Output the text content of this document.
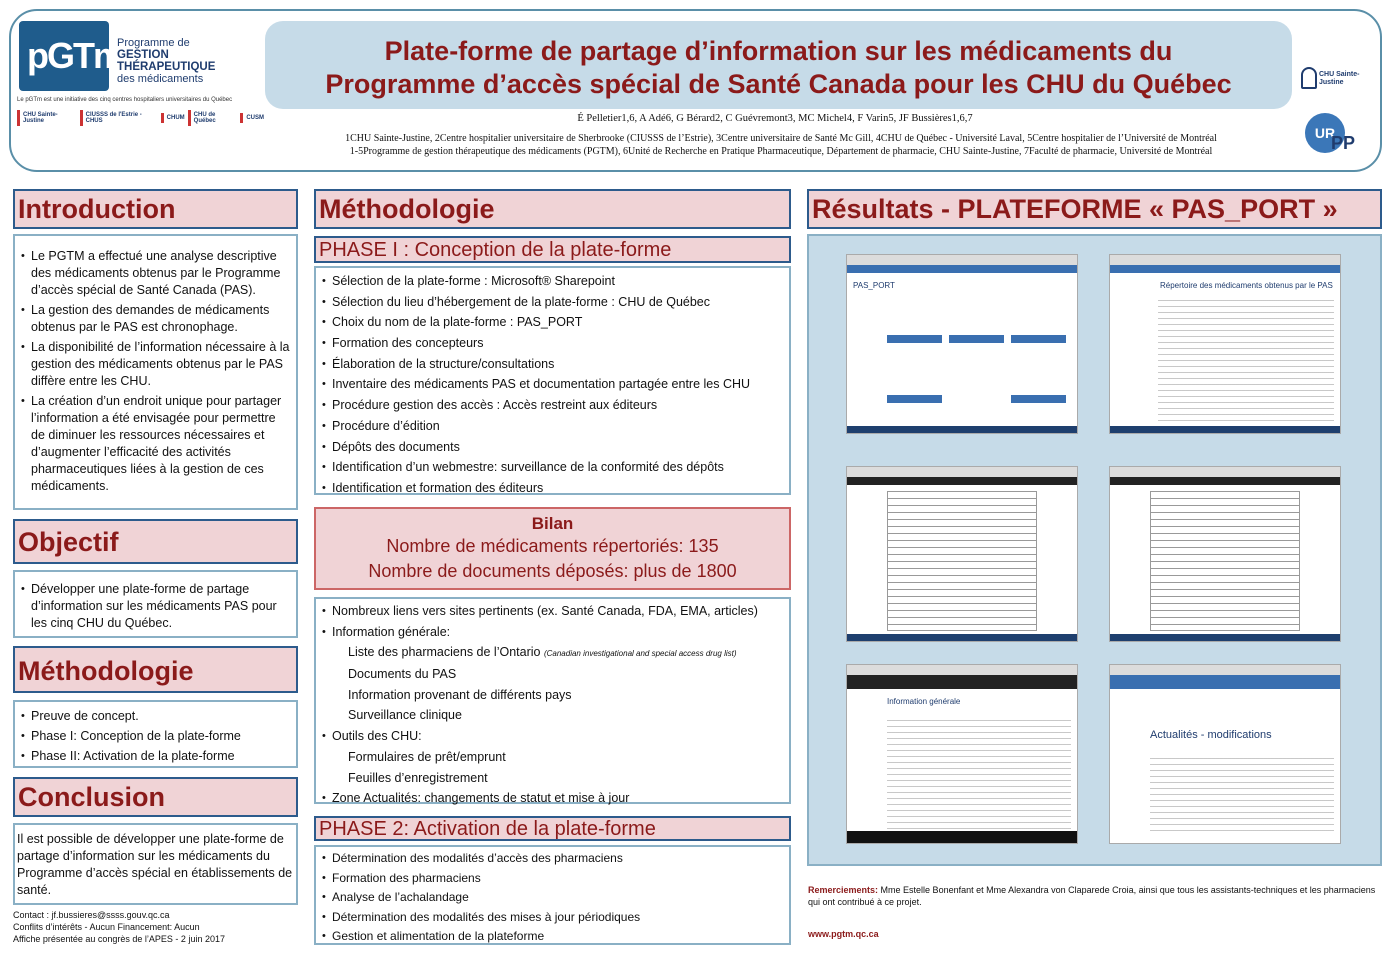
pGTm
Programme de
GESTION THÉRAPEUTIQUE
des médicaments
Le pGTm est une initiative des cinq centres hospitaliers universitaires du Québec
CHU Sainte-Justine
CIUSSS de l'Estrie - CHUS	CHUM	CHU de Québec	CUSM
Plate-forme de partage d’information sur les médicaments du
Programme d’accès spécial de Santé Canada pour les CHU du Québec
É Pelletier1,6, A Adé6, G Bérard2, C Guévremont3, MC Michel4, F Varin5, JF Bussières1,6,7
1CHU Sainte-Justine, 2Centre hospitalier universitaire de Sherbrooke (CIUSSS de l’Estrie), 3Centre universitaire de Santé Mc Gill, 4CHU de Québec - Université Laval, 5Centre hospitalier de l’Université de Montréal
1-5Programme de gestion thérapeutique des médicaments (PGTM), 6Unité de Recherche en Pratique Pharmaceutique, Département de pharmacie, CHU Sainte-Justine, 7Faculté de pharmacie, Université de Montréal
CHU Sainte-Justine
UR
PP
Introduction
• Le PGTM a effectué une analyse descriptive des médicaments obtenus par le Programme d’accès spécial de Santé Canada (PAS).
• La gestion des demandes de médicaments obtenus par le PAS est chronophage.
• La disponibilité de l’information nécessaire à la gestion des médicaments obtenus par le PAS diffère entre les CHU.
• La création d’un endroit unique pour partager l’information a été envisagée pour permettre de diminuer les ressources nécessaires et d’augmenter l’efficacité des activités pharmaceutiques liées à la gestion de ces médicaments.
Objectif
• Développer une plate-forme de partage d’information sur les médicaments PAS pour les cinq CHU du Québec.
Méthodologie
• Preuve de concept.
• Phase I: Conception de la plate-forme
• Phase II: Activation de la plate-forme
Conclusion
Il est possible de développer une plate-forme de partage d’information sur les médicaments du Programme d’accès spécial en établissements de santé.
Contact : jf.bussieres@ssss.gouv.qc.ca
Conflits d’intérêts - Aucun Financement: Aucun
Affiche présentée au congrès de l’APES - 2 juin 2017
Méthodologie
PHASE I : Conception de la plate-forme
• Sélection de la plate-forme : Microsoft® Sharepoint
• Sélection du lieu d’hébergement de la plate-forme : CHU de Québec
• Choix du nom de la plate-forme : PAS_PORT
• Formation des concepteurs
• Élaboration de la structure/consultations
• Inventaire des médicaments PAS et documentation partagée entre les CHU
• Procédure gestion des accès : Accès restreint aux éditeurs
• Procédure d’édition
• Dépôts des documents
• Identification d’un webmestre: surveillance de la conformité des dépôts
• Identification et formation des éditeurs
Bilan
Nombre de médicaments répertoriés: 135
Nombre de documents déposés: plus de 1800
• Nombreux liens vers sites pertinents (ex. Santé Canada, FDA, EMA, articles)
• Information générale:
Liste des pharmaciens de l’Ontario (Canadian investigational and special access drug list)
Documents du PAS
Information provenant de différents pays
Surveillance clinique
• Outils des CHU:
Formulaires de prêt/emprunt
Feuilles d’enregistrement
• Zone Actualités: changements de statut et mise à jour
PHASE 2: Activation de la plate-forme
• Détermination des modalités d’accès des pharmaciens
• Formation des pharmaciens
• Analyse de l’achalandage
• Détermination des modalités des mises à jour périodiques
• Gestion et alimentation de la plateforme
Résultats - PLATEFORME « PAS_PORT »
PAS_PORT	Répertoire des médicaments obtenus par le PAS
Information générale
Actualités - modifications
Remerciements: Mme Estelle Bonenfant et Mme Alexandra von Claparede Croia, ainsi que tous les assistants-techniques et les pharmaciens qui ont contribué à ce projet.
www.pgtm.qc.ca
